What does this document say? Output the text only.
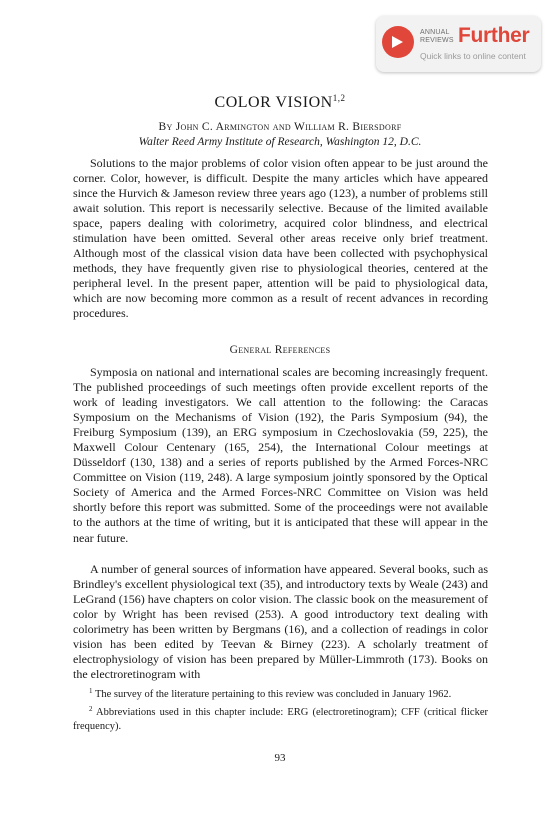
ANNUAL
REVIEWS Further
Quick links to online content
COLOR VISION$^{1,2}$
By John C. Armington and William R. Biersdorf
Walter Reed Army Institute of Research, Washington 12, D.C.

Solutions to the major problems of color vision often appear to be just around the corner. Color, however, is difficult. Despite the many articles which have appeared since the Hurvich & Jameson review three years ago (123), a number of problems still await solution. This report is necessarily selective. Because of the limited available space, papers dealing with colorimetry, acquired color blindness, and electrical stimulation have been omitted. Several other areas receive only brief treatment. Although most of the classical vision data have been collected with psychophysical methods, they have frequently given rise to physiological theories, centered at the peripheral level. In the present paper, attention will be paid to physiological data, which are now becoming more common as a result of recent advances in recording procedures.

General References

Symposia on national and international scales are becoming increasingly frequent. The published proceedings of such meetings often provide excellent reports of the work of leading investigators. We call attention to the following: the Caracas Symposium on the Mechanisms of Vision (192), the Paris Symposium (94), the Freiburg Symposium (139), an ERG symposium in Czechoslovakia (59, 225), the Maxwell Colour Centenary (165, 254), the International Colour meetings at Düsseldorf (130, 138) and a series of reports published by the Armed Forces-NRC Committee on Vision (119, 248). A large symposium jointly sponsored by the Optical Society of America and the Armed Forces-NRC Committee on Vision was held shortly before this report was submitted. Some of the proceedings were not available to the authors at the time of writing, but it is anticipated that these will appear in the near future.

A number of general sources of information have appeared. Several books, such as Brindley's excellent physiological text (35), and introductory texts by Weale (243) and LeGrand (156) have chapters on color vision. The classic book on the measurement of color by Wright has been revised (253). A good introductory text dealing with colorimetry has been written by Bergmans (16), and a collection of readings in color vision has been edited by Teevan & Birney (223). A scholarly treatment of electrophysiology of vision has been prepared by Müller-Limmroth (173). Books on the electroretinogram with

$^1$ The survey of the literature pertaining to this review was concluded in January 1962.

$^2$ Abbreviations used in this chapter include: ERG (electroretinogram); CFF (critical flicker frequency).

93
